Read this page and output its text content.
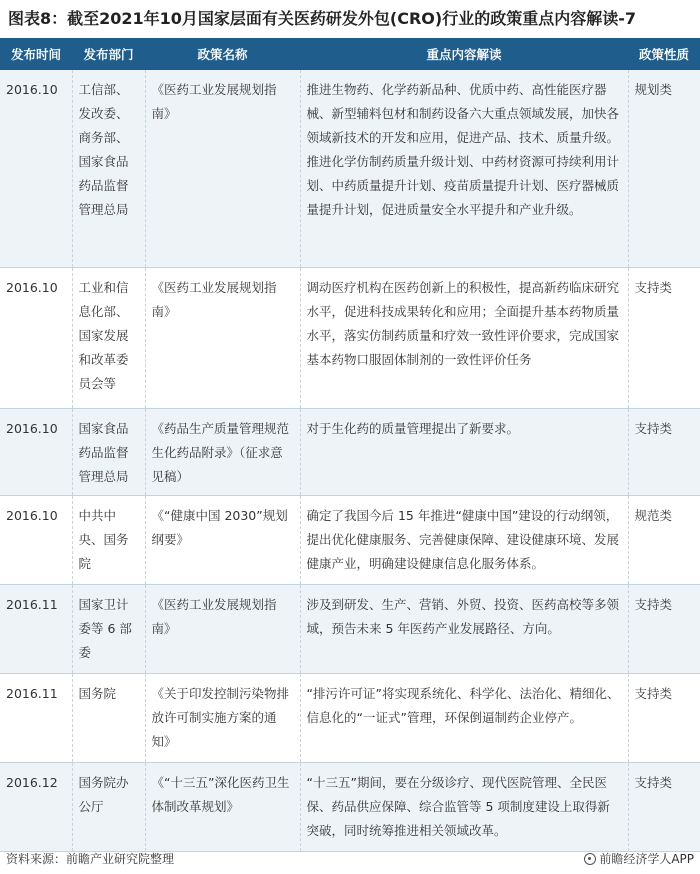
图表8：截至2021年10月国家层面有关医药研发外包(CRO)行业的政策重点内容解读-7
发布时间	发布部门	政策名称	重点内容解读	政策性质
2016.10	工信部、发改委、商务部、国家食品药品监督管理总局	《医药工业发展规划指南》	推进生物药、化学药新品种、优质中药、高性能医疗器械、新型辅料包材和制药设备六大重点领域发展，加快各领域新技术的开发和应用，促进产品、技术、质量升级。推进化学仿制药质量升级计划、中药材资源可持续利用计划、中药质量提升计划、疫苗质量提升计划、医疗器械质量提升计划，促进质量安全水平提升和产业升级。	规划类
2016.10	工业和信息化部、国家发展和改革委员会等	《医药工业发展规划指南》	调动医疗机构在医药创新上的积极性，提高新药临床研究水平，促进科技成果转化和应用；全面提升基本药物质量水平，落实仿制药质量和疗效一致性评价要求，完成国家基本药物口服固体制剂的一致性评价任务	支持类
2016.10	国家食品药品监督管理总局	《药品生产质量管理规范生化药品附录》（征求意见稿）	对于生化药的质量管理提出了新要求。	支持类
2016.10	中共中央、国务院	《“健康中国 2030”规划纲要》	确定了我国今后 15 年推进“健康中国”建设的行动纲领，提出优化健康服务、完善健康保障、建设健康环境、发展健康产业，明确建设健康信息化服务体系。	规范类
2016.11	国家卫计委等 6 部委	《医药工业发展规划指南》	涉及到研发、生产、营销、外贸、投资、医药高校等多领域，预告未来 5 年医药产业发展路径、方向。	支持类
2016.11	国务院	《关于印发控制污染物排放许可制实施方案的通知》	“排污许可证”将实现系统化、科学化、法治化、精细化、信息化的“一证式”管理，环保倒逼制药企业停产。	支持类
2016.12	国务院办公厅	《“十三五”深化医药卫生体制改革规划》	“十三五”期间，要在分级诊疗、现代医院管理、全民医保、药品供应保障、综合监管等 5 项制度建设上取得新突破，同时统筹推进相关领域改革。	支持类
资料来源：前瞻产业研究院整理	前瞻经济学人APP
